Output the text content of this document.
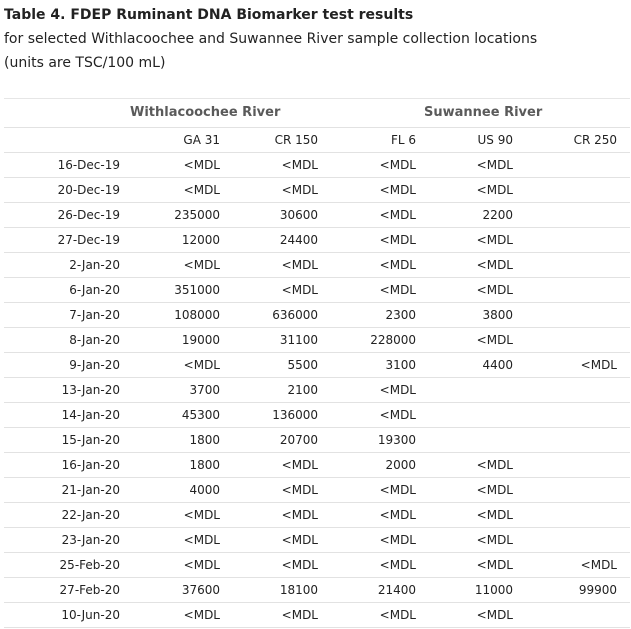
Table 4. FDEP Ruminant DNA Biomarker test results
for selected Withlacoochee and Suwannee River sample collection locations
(units are TSC/100 mL)
Withlacoochee River	Suwannee River
	GA 31	CR 150	FL 6	US 90	CR 250
16-Dec-19	<MDL	<MDL	<MDL	<MDL	
20-Dec-19	<MDL	<MDL	<MDL	<MDL	
26-Dec-19	235000	30600	<MDL	2200	
27-Dec-19	12000	24400	<MDL	<MDL	
2-Jan-20	<MDL	<MDL	<MDL	<MDL	
6-Jan-20	351000	<MDL	<MDL	<MDL	
7-Jan-20	108000	636000	2300	3800	
8-Jan-20	19000	31100	228000	<MDL	
9-Jan-20	<MDL	5500	3100	4400	<MDL
13-Jan-20	3700	2100	<MDL		
14-Jan-20	45300	136000	<MDL		
15-Jan-20	1800	20700	19300		
16-Jan-20	1800	<MDL	2000	<MDL	
21-Jan-20	4000	<MDL	<MDL	<MDL	
22-Jan-20	<MDL	<MDL	<MDL	<MDL	
23-Jan-20	<MDL	<MDL	<MDL	<MDL	
25-Feb-20	<MDL	<MDL	<MDL	<MDL	<MDL
27-Feb-20	37600	18100	21400	11000	99900
10-Jun-20	<MDL	<MDL	<MDL	<MDL	
